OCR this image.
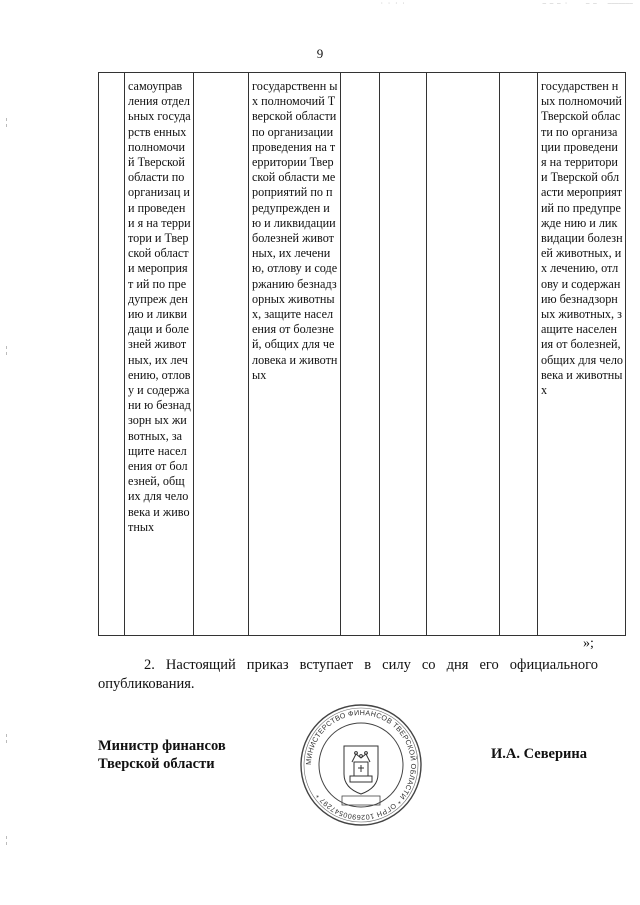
· · · ·                                      ‒ ‒ ‒ ·     ‒ ‒   ‒‒‒‒‒‒‒
9
	самоуправ ления отдельных государств енных полномочи й Тверской области по организац ии проведени я на территори и Тверской области мероприят ий по предупреж дению и ликвидаци и болезней животных, их лечению, отлову и содержани ю безнадзорн ых животных, защите населения от болезней, общих для человека и животных		государственн ых полномочий Тверской области по организации проведения на территории Тверской области мероприятий по предупрежден ию и ликвидации болезней животных, их лечению, отлову и содержанию безнадзорных животных, защите населения от болезней, общих для человека и животных					государствен ных полномочий Тверской области по организации проведения на территории Тверской области мероприятий по предупрежде нию и ликвидации болезней животных, их лечению, отлову и содержанию безнадзорных животных, защите населения от болезней, общих для человека и животных
»;
2. Настоящий приказ вступает в силу со дня его официального опубликования.
Министр финансов
Тверской области
И.А. Северина
МИНИСТЕРСТВО ФИНАНСОВ ТВЕРСКОЙ ОБЛАСТИ * ОГРН 1026900547297 *
